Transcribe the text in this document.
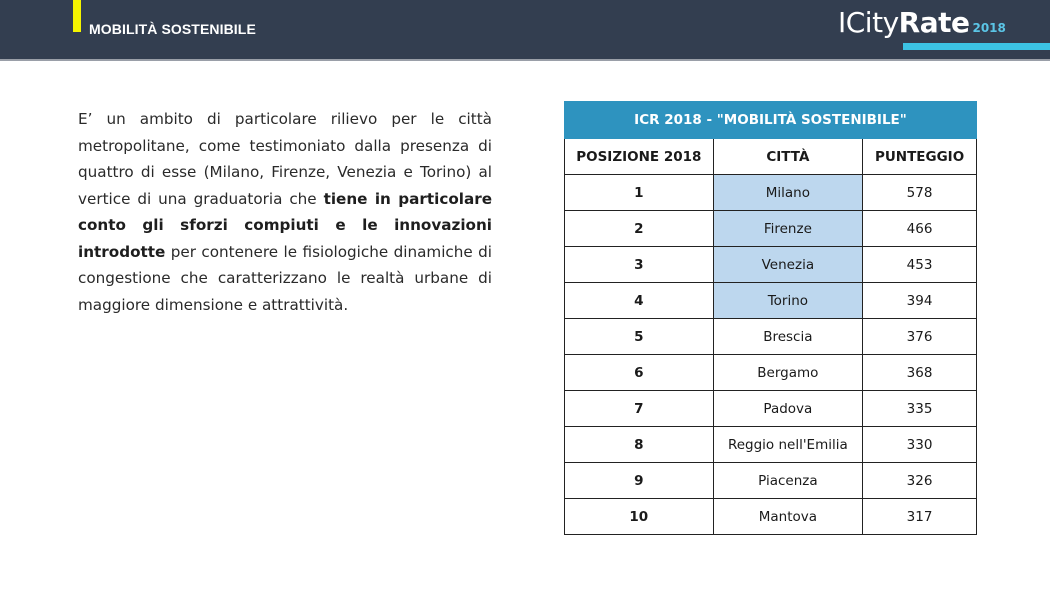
MOBILITÀ SOSTENIBILE	ICityRate 2018
E’ un ambito di particolare rilievo per le città metropolitane, come testimoniato dalla presenza di quattro di esse (Milano, Firenze, Venezia e Torino) al vertice di una graduatoria che tiene in particolare conto gli sforzi compiuti e le innovazioni introdotte per contenere le fisiologiche dinamiche di congestione che caratterizzano le realtà urbane di maggiore dimensione e attrattività.
ICR 2018 - "MOBILITÀ SOSTENIBILE"		
POSIZIONE 2018	CITTÀ	PUNTEGGIO
1	Milano	578
2	Firenze	466
3	Venezia	453
4	Torino	394
5	Brescia	376
6	Bergamo	368
7	Padova	335
8	Reggio nell'Emilia	330
9	Piacenza	326
10	Mantova	317
